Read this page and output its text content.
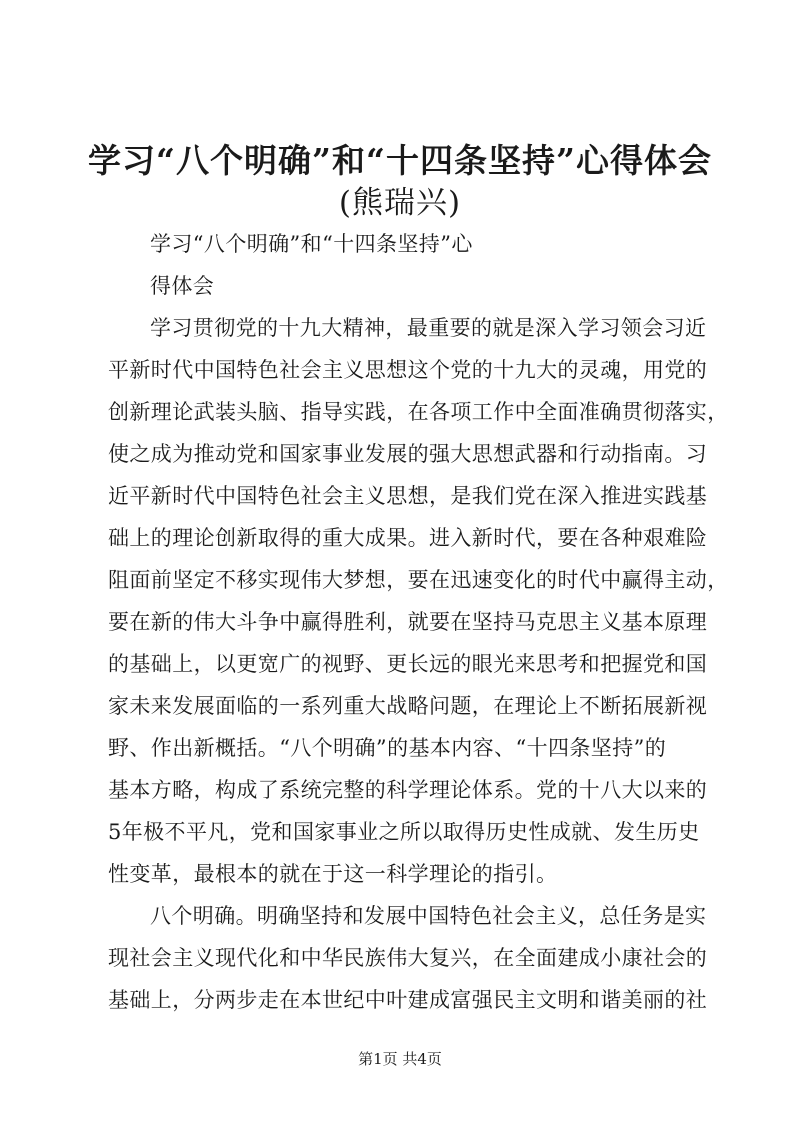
学习“八个明确”和“十四条坚持”心得体会
(熊瑞兴)
学习“八个明确”和“十四条坚持”心
得体会
学习贯彻党的十九大精神，最重要的就是深入学习领会习近
平新时代中国特色社会主义思想这个党的十九大的灵魂，用党的
创新理论武装头脑、指导实践，在各项工作中全面准确贯彻落实，
使之成为推动党和国家事业发展的强大思想武器和行动指南。习
近平新时代中国特色社会主义思想，是我们党在深入推进实践基
础上的理论创新取得的重大成果。进入新时代，要在各种艰难险
阻面前坚定不移实现伟大梦想，要在迅速变化的时代中赢得主动，
要在新的伟大斗争中赢得胜利，就要在坚持马克思主义基本原理
的基础上，以更宽广的视野、更长远的眼光来思考和把握党和国
家未来发展面临的一系列重大战略问题，在理论上不断拓展新视
野、作出新概括。“八个明确”的基本内容、“十四条坚持”的
基本方略，构成了系统完整的科学理论体系。党的十八大以来的
5年极不平凡，党和国家事业之所以取得历史性成就、发生历史
性变革，最根本的就在于这一科学理论的指引。
八个明确。明确坚持和发展中国特色社会主义，总任务是实
现社会主义现代化和中华民族伟大复兴，在全面建成小康社会的
基础上，分两步走在本世纪中叶建成富强民主文明和谐美丽的社
第1页 共4页
